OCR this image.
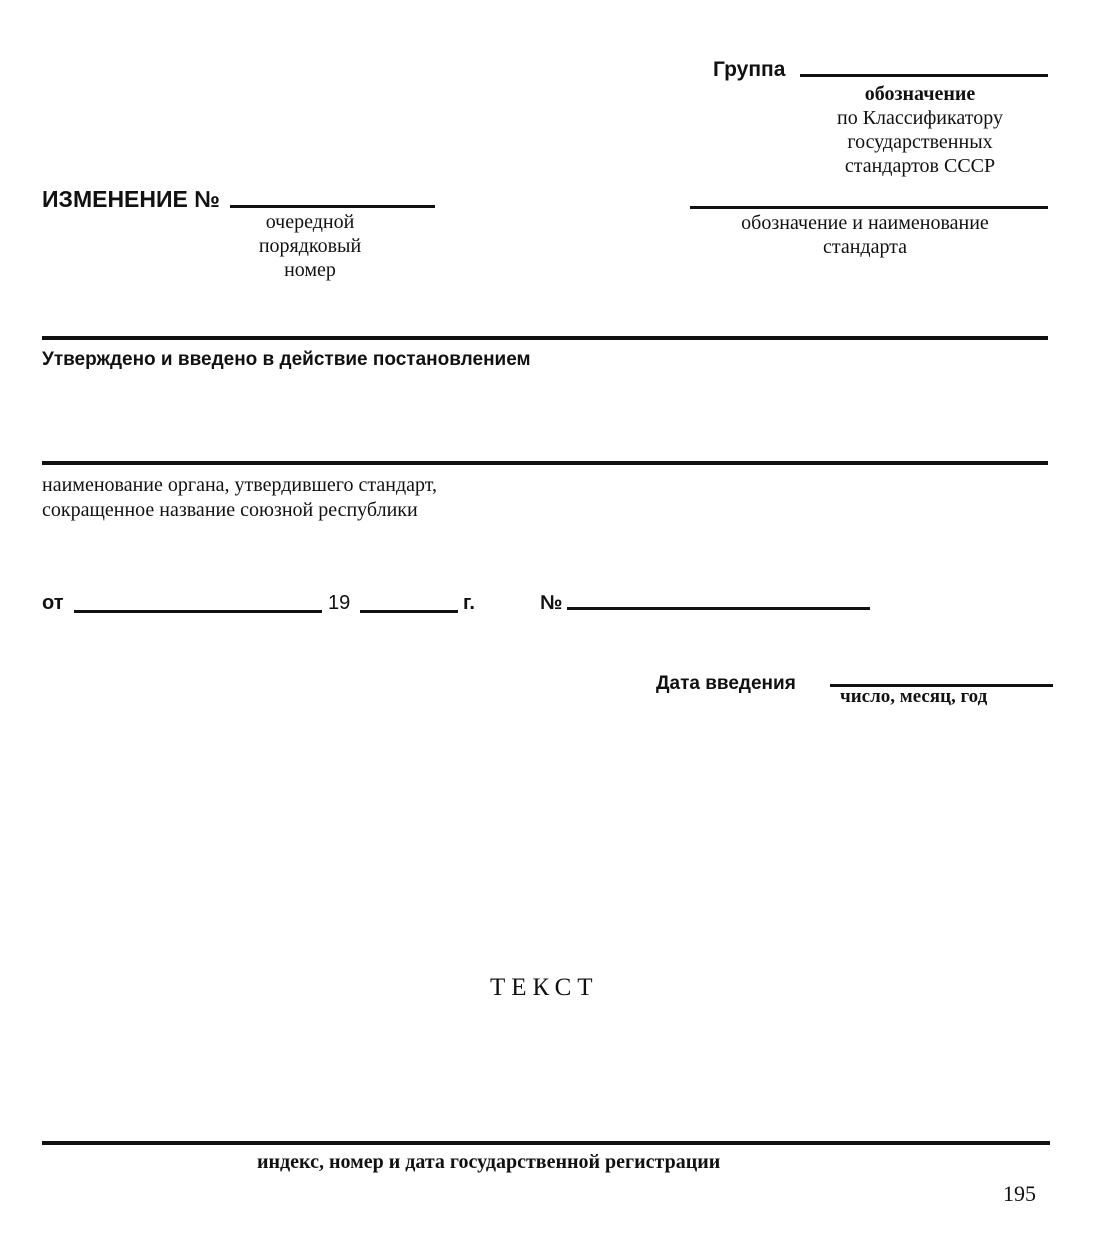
Группа
обозначение
по Классификатору
государственных
стандартов СССР
ИЗМЕНЕНИЕ №
очередной
порядковый
номер
обозначение и наименование
стандарта
Утверждено и введено в действие постановлением
наименование органа, утвердившего стандарт,
сокращенное название союзной республики
от	19	г.	№
Дата введения
число, месяц, год
ТЕКСТ
индекс, номер и дата государственной регистрации
195
